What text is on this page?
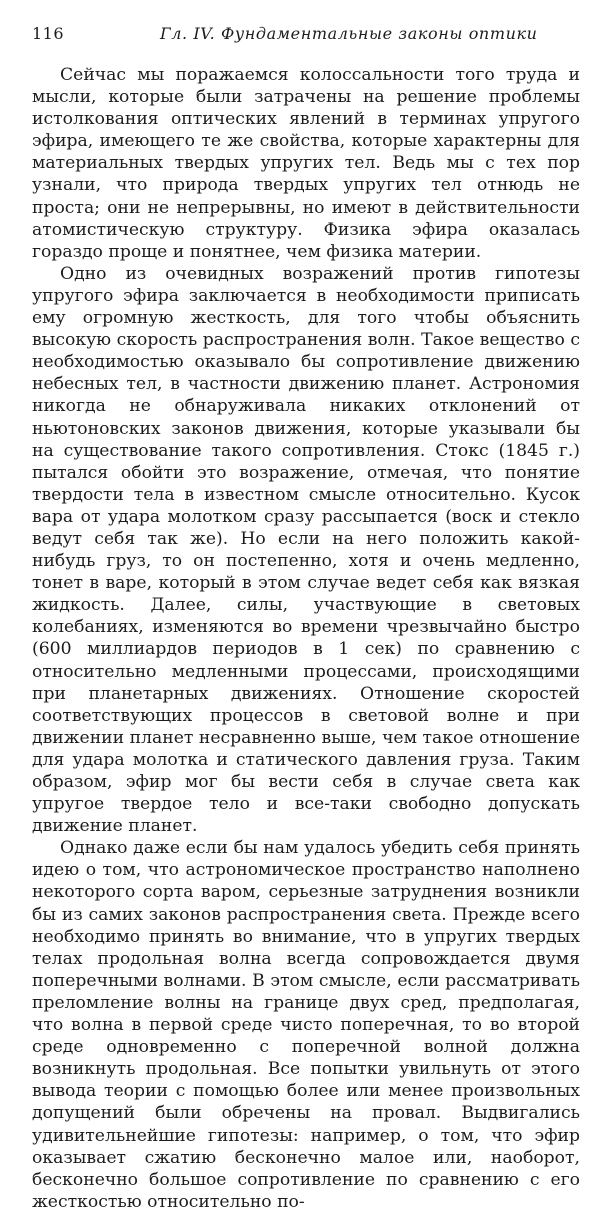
116	Гл. IV. Фундаментальные законы оптики

Сейчас мы поражаемся колоссальности того труда и мысли, которые были затрачены на решение проблемы истолкования оптических явлений в терминах упругого эфира, имеющего те же свойства, которые характерны для материальных твердых упругих тел. Ведь мы с тех пор узнали, что природа твердых упругих тел отнюдь не проста; они не непрерывны, но имеют в действительности атомистическую структуру. Физика эфира оказалась гораздо проще и понятнее, чем физика материи.

Одно из очевидных возражений против гипотезы упругого эфира заключается в необходимости приписать ему огромную жесткость, для того чтобы объяснить высокую скорость распространения волн. Такое вещество с необходимостью оказывало бы сопротивление движению небесных тел, в частности движению планет. Астрономия никогда не обнаруживала никаких отклонений от ньютоновских законов движения, которые указывали бы на существование такого сопротивления. Стокс (1845 г.) пытался обойти это возражение, отмечая, что понятие твердости тела в известном смысле относительно. Кусок вара от удара молотком сразу рассыпается (воск и стекло ведут себя так же). Но если на него положить какой-нибудь груз, то он постепенно, хотя и очень медленно, тонет в варе, который в этом случае ведет себя как вязкая жидкость. Далее, силы, участвующие в световых колебаниях, изменяются во времени чрезвычайно быстро (600 миллиардов периодов в 1 сек) по сравнению с относительно медленными процессами, происходящими при планетарных движениях. Отношение скоростей соответствующих процессов в световой волне и при движении планет несравненно выше, чем такое отношение для удара молотка и статического давления груза. Таким образом, эфир мог бы вести себя в случае света как упругое твердое тело и все-таки свободно допускать движение планет.

Однако даже если бы нам удалось убедить себя принять идею о том, что астрономическое пространство наполнено некоторого сорта варом, серьезные затруднения возникли бы из самих законов распространения света. Прежде всего необходимо принять во внимание, что в упругих твердых телах продольная волна всегда сопровождается двумя поперечными волнами. В этом смысле, если рассматривать преломление волны на границе двух сред, предполагая, что волна в первой среде чисто поперечная, то во второй среде одновременно с поперечной волной должна возникнуть продольная. Все попытки увильнуть от этого вывода теории с помощью более или менее произвольных допущений были обречены на провал. Выдвигались удивительнейшие гипотезы: например, о том, что эфир оказывает сжатию бесконечно малое или, наоборот, бесконечно большое сопротивление по сравнению с его жесткостью относительно по-
